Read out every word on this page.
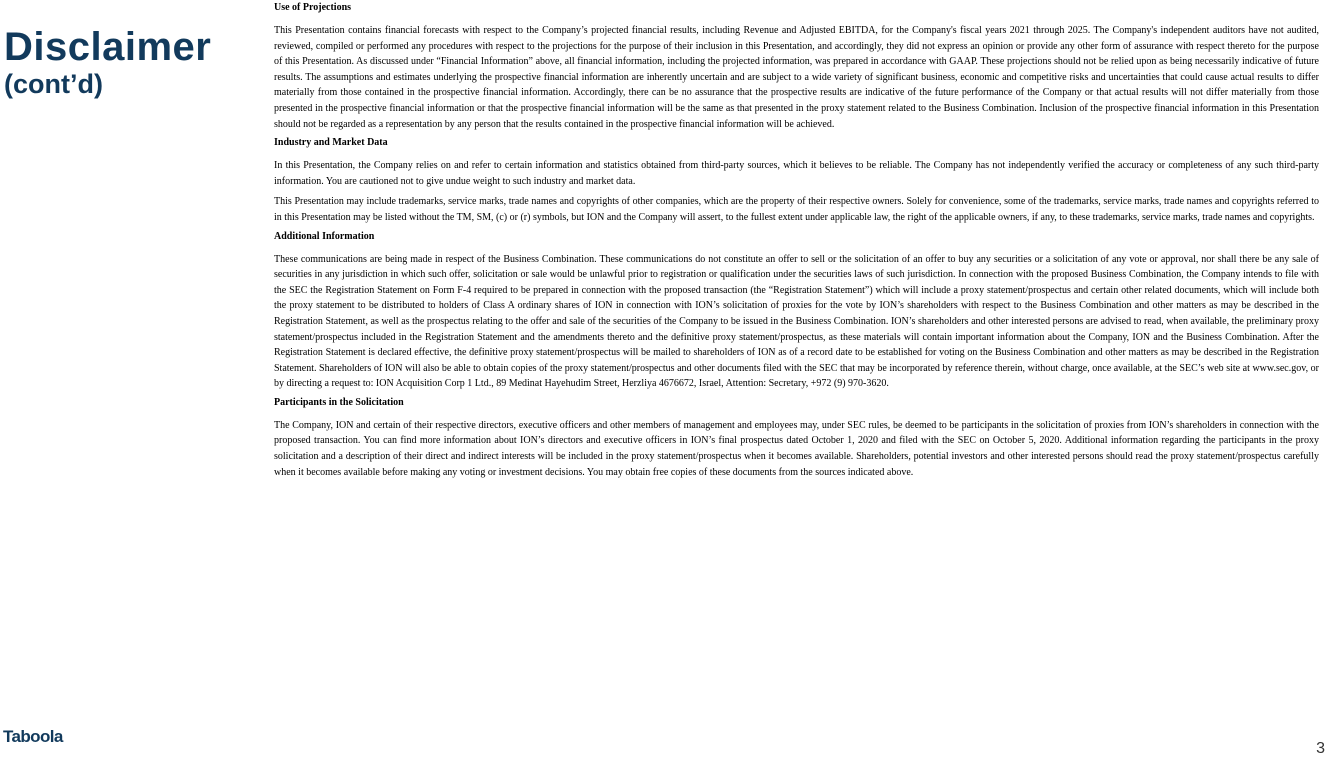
Disclaimer
(cont’d)
Use of Projections

This Presentation contains financial forecasts with respect to the Company’s projected financial results, including Revenue and Adjusted EBITDA, for the Company's fiscal years 2021 through 2025. The Company's independent auditors have not audited, reviewed, compiled or performed any procedures with respect to the projections for the purpose of their inclusion in this Presentation, and accordingly, they did not express an opinion or provide any other form of assurance with respect thereto for the purpose of this Presentation. As discussed under “Financial Information” above, all financial information, including the projected information, was prepared in accordance with GAAP. These projections should not be relied upon as being necessarily indicative of future results. The assumptions and estimates underlying the prospective financial information are inherently uncertain and are subject to a wide variety of significant business, economic and competitive risks and uncertainties that could cause actual results to differ materially from those contained in the prospective financial information. Accordingly, there can be no assurance that the prospective results are indicative of the future performance of the Company or that actual results will not differ materially from those presented in the prospective financial information or that the prospective financial information will be the same as that presented in the proxy statement related to the Business Combination. Inclusion of the prospective financial information in this Presentation should not be regarded as a representation by any person that the results contained in the prospective financial information will be achieved.

Industry and Market Data

In this Presentation, the Company relies on and refer to certain information and statistics obtained from third-party sources, which it believes to be reliable. The Company has not independently verified the accuracy or completeness of any such third-party information. You are cautioned not to give undue weight to such industry and market data.

This Presentation may include trademarks, service marks, trade names and copyrights of other companies, which are the property of their respective owners. Solely for convenience, some of the trademarks, service marks, trade names and copyrights referred to in this Presentation may be listed without the TM, SM, (c) or (r) symbols, but ION and the Company will assert, to the fullest extent under applicable law, the right of the applicable owners, if any, to these trademarks, service marks, trade names and copyrights.

Additional Information

These communications are being made in respect of the Business Combination. These communications do not constitute an offer to sell or the solicitation of an offer to buy any securities or a solicitation of any vote or approval, nor shall there be any sale of securities in any jurisdiction in which such offer, solicitation or sale would be unlawful prior to registration or qualification under the securities laws of such jurisdiction. In connection with the proposed Business Combination, the Company intends to file with the SEC the Registration Statement on Form F-4 required to be prepared in connection with the proposed transaction (the “Registration Statement”) which will include a proxy statement/prospectus and certain other related documents, which will include both the proxy statement to be distributed to holders of Class A ordinary shares of ION in connection with ION’s solicitation of proxies for the vote by ION’s shareholders with respect to the Business Combination and other matters as may be described in the Registration Statement, as well as the prospectus relating to the offer and sale of the securities of the Company to be issued in the Business Combination. ION’s shareholders and other interested persons are advised to read, when available, the preliminary proxy statement/prospectus included in the Registration Statement and the amendments thereto and the definitive proxy statement/prospectus, as these materials will contain important information about the Company, ION and the Business Combination. After the Registration Statement is declared effective, the definitive proxy statement/prospectus will be mailed to shareholders of ION as of a record date to be established for voting on the Business Combination and other matters as may be described in the Registration Statement. Shareholders of ION will also be able to obtain copies of the proxy statement/prospectus and other documents filed with the SEC that may be incorporated by reference therein, without charge, once available, at the SEC’s web site at www.sec.gov, or by directing a request to: ION Acquisition Corp 1 Ltd., 89 Medinat Hayehudim Street, Herzliya 4676672, Israel, Attention: Secretary, +972 (9) 970-3620.

Participants in the Solicitation

The Company, ION and certain of their respective directors, executive officers and other members of management and employees may, under SEC rules, be deemed to be participants in the solicitation of proxies from ION’s shareholders in connection with the proposed transaction. You can find more information about ION’s directors and executive officers in ION’s final prospectus dated October 1, 2020 and filed with the SEC on October 5, 2020. Additional information regarding the participants in the proxy solicitation and a description of their direct and indirect interests will be included in the proxy statement/prospectus when it becomes available. Shareholders, potential investors and other interested persons should read the proxy statement/prospectus carefully when it becomes available before making any voting or investment decisions. You may obtain free copies of these documents from the sources indicated above.

Taboola
3
